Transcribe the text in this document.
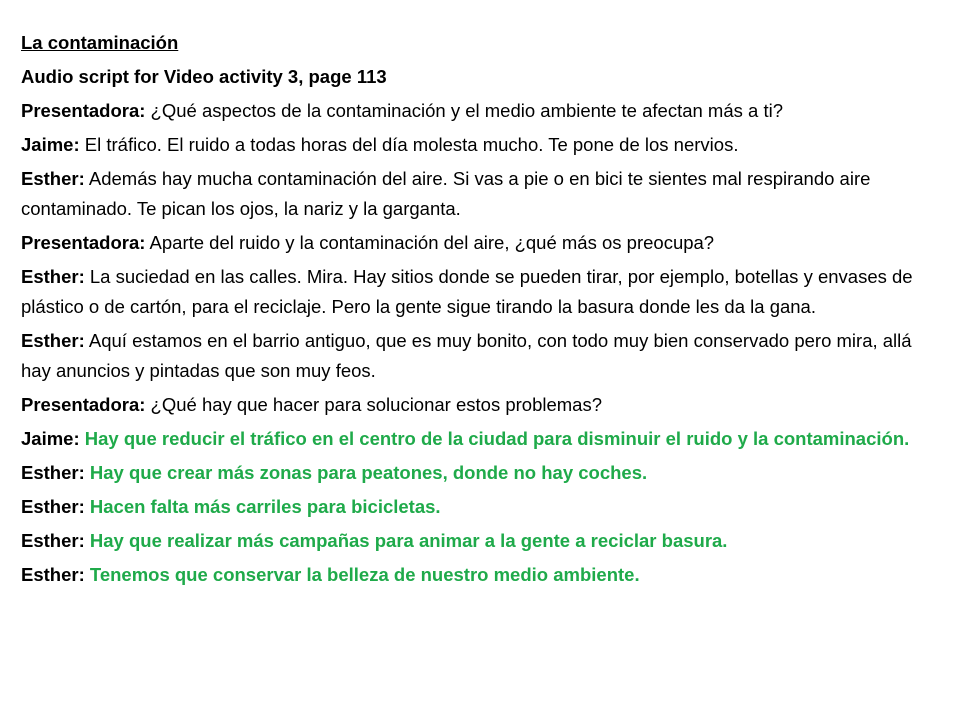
La contaminación
Audio script for Video activity 3, page 113
Presentadora: ¿Qué aspectos de la contaminación y el medio ambiente te afectan más a ti?
Jaime: El tráfico. El ruido a todas horas del día molesta mucho. Te pone de los nervios.
Esther: Además hay mucha contaminación del aire. Si vas a pie o en bici te sientes mal respirando aire contaminado. Te pican los ojos, la nariz y la garganta.
Presentadora: Aparte del ruido y la contaminación del aire, ¿qué más os preocupa?
Esther: La suciedad en las calles. Mira. Hay sitios donde se pueden tirar, por ejemplo, botellas y envases de plástico o de cartón, para el reciclaje. Pero la gente sigue tirando la basura donde les da la gana.
Esther: Aquí estamos en el barrio antiguo, que es muy bonito, con todo muy bien conservado pero mira, allá hay anuncios y pintadas que son muy feos.
Presentadora: ¿Qué hay que hacer para solucionar estos problemas?
Jaime: Hay que reducir el tráfico en el centro de la ciudad para disminuir el ruido y la contaminación.
Esther: Hay que crear más zonas para peatones, donde no hay coches.
Esther: Hacen falta más carriles para bicicletas.
Esther: Hay que realizar más campañas para animar a la gente a reciclar basura.
Esther: Tenemos que conservar la belleza de nuestro medio ambiente.
